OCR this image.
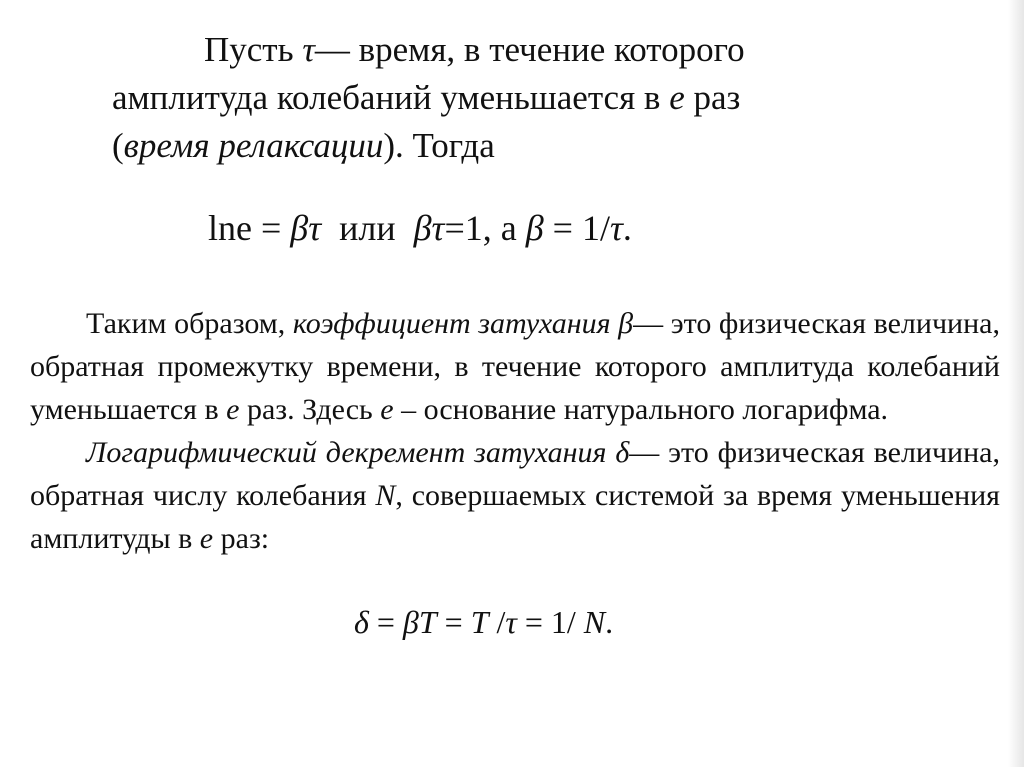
Пусть τ— время, в течение которого
амплитуда колебаний уменьшается в e раз
(время релаксации). Тогда
lne = βτ  или  βτ=1, а β = 1/τ.
Таким образом, коэффициент затухания β— это физическая величина,
обратная промежутку времени, в течение которого амплитуда колебаний
уменьшается в e раз. Здесь e – основание натурального логарифма.
Логарифмический декремент затухания δ— это физическая величина,
обратная числу колебания N, совершаемых системой за время уменьшения
амплитуды в e раз:
δ = βT = T /τ = 1/ N.
